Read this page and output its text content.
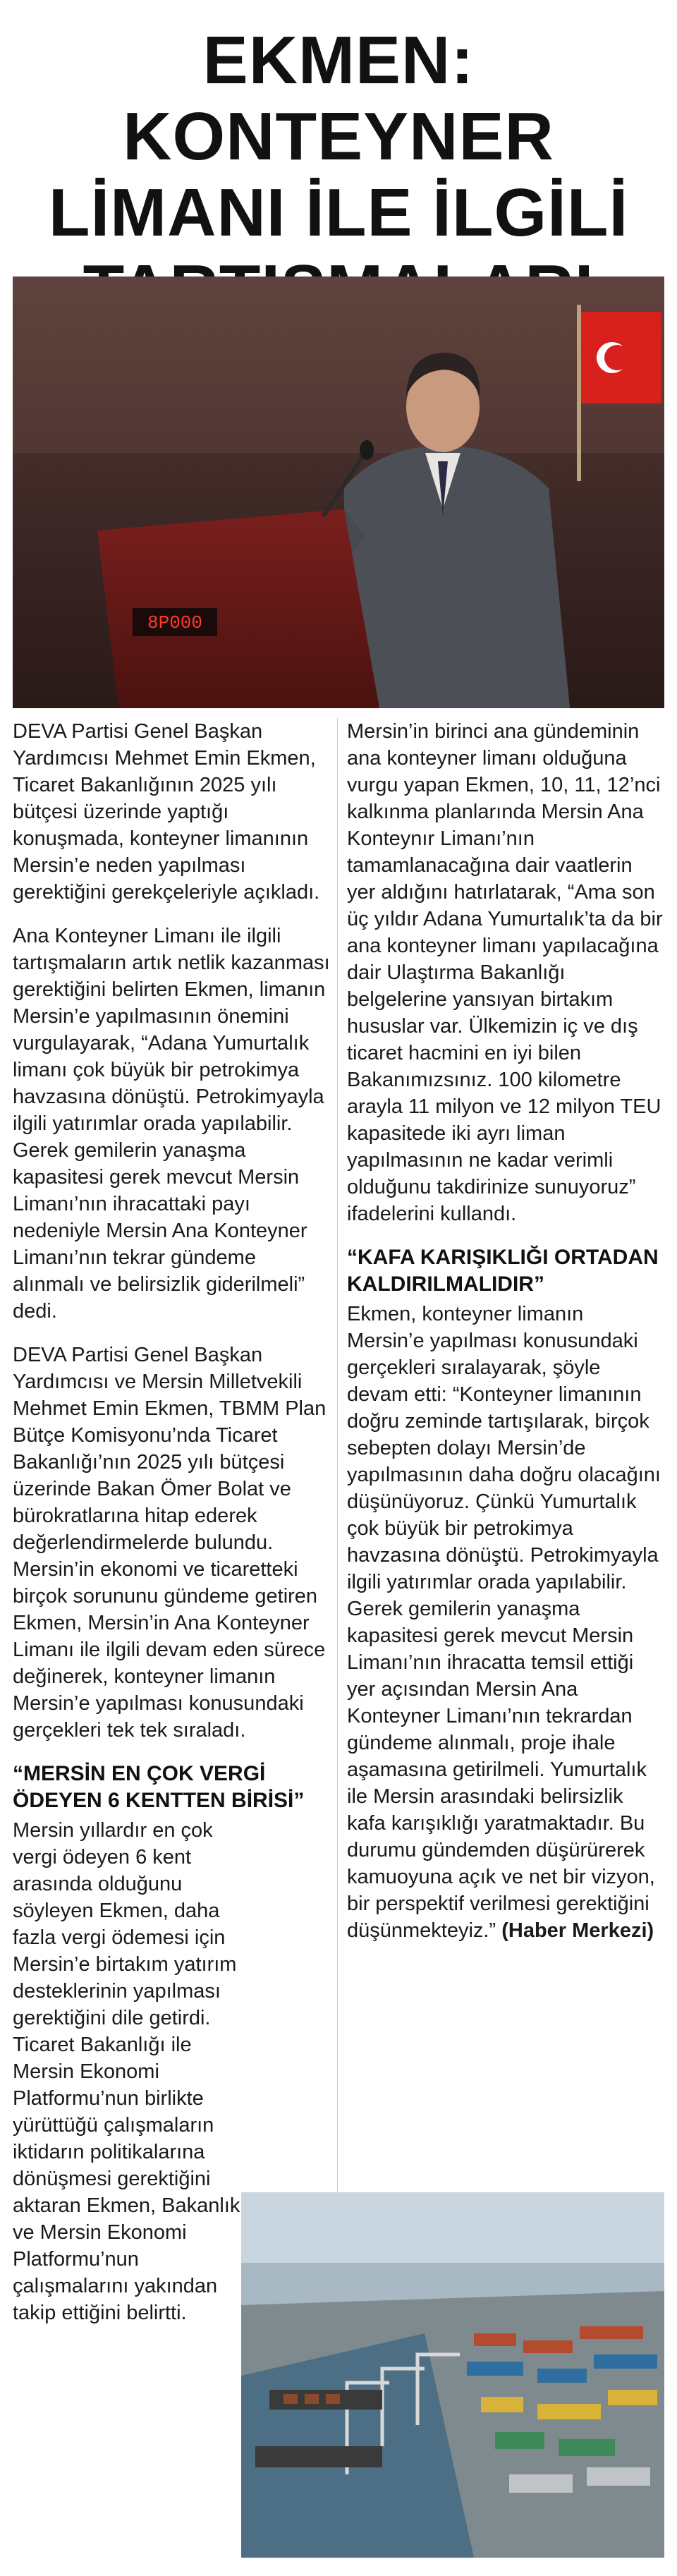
EKMEN: KONTEYNER
LİMANI İLE İLGİLİ
8P000

DEVA Partisi Genel Başkan Yardımcısı Mehmet Emin Ekmen, Ticaret Bakanlığının 2025 yılı bütçesi üzerinde yaptığı konuşmada, konteyner limanının Mersin’e neden yapılması gerektiğini gerekçeleriyle açıkladı.

Ana Konteyner Limanı ile ilgili tartışmaların artık netlik kazanması gerektiğini belirten Ekmen, limanın Mersin’e yapılmasının önemini vurgulayarak, “Adana Yumurtalık limanı çok büyük bir petrokimya havzasına dönüştü. Petrokimyayla ilgili yatırımlar orada yapılabilir. Gerek gemilerin yanaşma kapasitesi gerek mevcut Mersin Limanı’nın ihracattaki payı nedeniyle Mersin Ana Konteyner Limanı’nın tekrar gündeme alınmalı ve belirsizlik giderilmeli” dedi.

DEVA Partisi Genel Başkan Yardımcısı ve Mersin Milletvekili Mehmet Emin Ekmen, TBMM Plan Bütçe Komisyonu’nda Ticaret Bakanlığı’nın 2025 yılı bütçesi üzerinde Bakan Ömer Bolat ve bürokratlarına hitap ederek değerlendirmelerde bulundu. Mersin’in ekonomi ve ticaretteki birçok sorununu gündeme getiren Ekmen, Mersin’in Ana Konteyner Limanı ile ilgili devam eden sürece değinerek, konteyner limanın Mersin’e yapılması konusundaki gerçekleri tek tek sıraladı.

“MERSİN EN ÇOK VERGİ ÖDEYEN 6 KENTTEN BİRİSİ”

Mersin yıllardır en çok vergi ödeyen 6 kent arasında olduğunu söyleyen Ekmen, daha fazla vergi ödemesi için Mersin’e birtakım yatırım desteklerinin yapılması gerektiğini dile getirdi. Ticaret Bakanlığı ile Mersin Ekonomi Platformu’nun birlikte yürüttüğü çalışmaların iktidarın politikalarına dönüşmesi gerektiğini aktaran Ekmen, Bakanlık ve Mersin Ekonomi Platformu’nun çalışmalarını yakından takip ettiğini belirtti.

Mersin’in birinci ana gündeminin ana konteyner limanı olduğuna vurgu yapan Ekmen, 10, 11, 12’nci kalkınma planlarında Mersin Ana Konteynır Limanı’nın tamamlanacağına dair vaatlerin yer aldığını hatırlatarak, “Ama son üç yıldır Adana Yumurtalık’ta da bir ana konteyner limanı yapılacağına dair Ulaştırma Bakanlığı belgelerine yansıyan birtakım hususlar var. Ülkemizin iç ve dış ticaret hacmini en iyi bilen Bakanımızsınız. 100 kilometre arayla 11 milyon ve 12 milyon TEU kapasitede iki ayrı liman yapılmasının ne kadar verimli olduğunu takdirinize sunuyoruz” ifadelerini kullandı.

“KAFA KARIŞIKLIĞI ORTADAN KALDIRILMALIDIR”

Ekmen, konteyner limanın Mersin’e yapılması konusundaki gerçekleri sıralayarak, şöyle devam etti: “Konteyner limanının doğru zeminde tartışılarak, birçok sebepten dolayı Mersin’de yapılmasının daha doğru olacağını düşünüyoruz. Çünkü Yumurtalık çok büyük bir petrokimya havzasına dönüştü. Petrokimyayla ilgili yatırımlar orada yapılabilir. Gerek gemilerin yanaşma kapasitesi gerek mevcut Mersin Limanı’nın ihracatta temsil ettiği yer açısından Mersin Ana Konteyner Limanı’nın tekrardan gündeme alınmalı, proje ihale aşamasına getirilmeli. Yumurtalık ile Mersin arasındaki belirsizlik kafa karışıklığı yaratmaktadır. Bu durumu gündemden düşürürerek kamuoyuna açık ve net bir vizyon, bir perspektif verilmesi gerektiğini düşünmekteyiz.” (Haber Merkezi)
